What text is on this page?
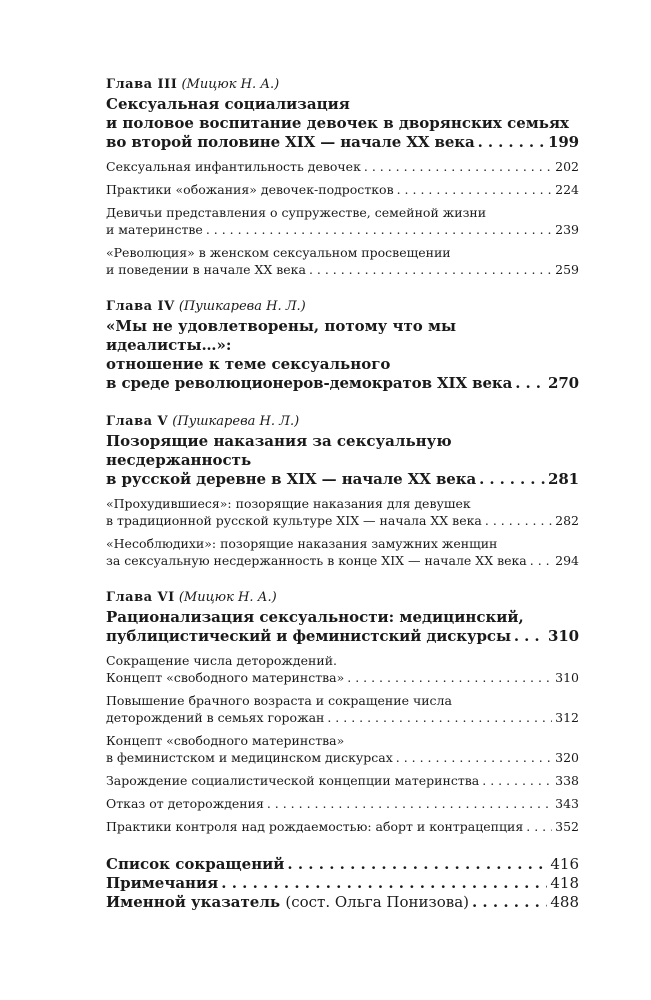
Глава III (Мицюк Н. А.)
Сексуальная социализация
и половое воспитание девочек в дворянских семьях
во второй половине XIX — начале XX века . . .	199
Сексуальная инфантильность девочек . . .	202
Практики «обожания» девочек-подростков . . .	224
Девичьи представления о супружестве, семейной жизни
и материнстве . . .	239
«Революция» в женском сексуальном просвещении
и поведении в начале XX века . . .	259
Глава IV (Пушкарева Н. Л.)
«Мы не удовлетворены, потому что мы идеалисты…»:
отношение к теме сексуального
в среде революционеров-демократов XIX века . . . 270
Глава V (Пушкарева Н. Л.)
Позорящие наказания за сексуальную несдержанность
в русской деревне в XIX — начале XX века . . .	281
«Прохудившиеся»: позорящие наказания для девушек
в традиционной русской культуре XIX — начала XX века . . .	282
«Несоблюдихи»: позорящие наказания замужних женщин
за сексуальную несдержанность в конце XIX — начале XX века . . . 294
Глава VI (Мицюк Н. А.)
Рационализация сексуальности: медицинский,
публицистический и феминистский дискурсы . . . 310
Сокращение числа деторождений.
Концепт «свободного материнства» . . .	310
Повышение брачного возраста и сокращение числа
деторождений в семьях горожан . . .	312
Концепт «свободного материнства»
в феминистском и медицинском дискурсах . . .	320
Зарождение социалистической концепции материнства . . .	338
Отказ от деторождения . . .	343
Практики контроля над рождаемостью: аборт и контрацепция . . .	352
Список сокращений . . .	416
Примечания . . .	418
Именной указатель (сост. Ольга Понизова) . . .	488
